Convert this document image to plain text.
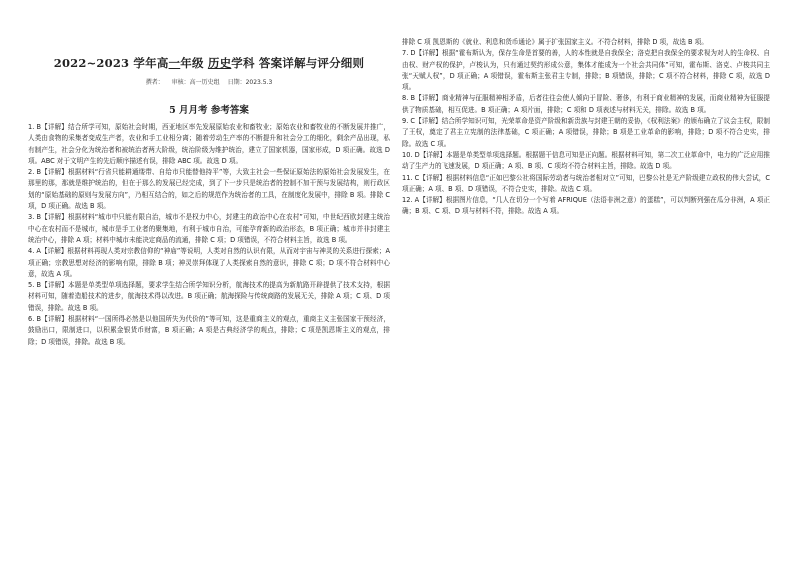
2022~2023 学年高一年级 历史学科 答案详解与评分细则
撰者： 审核：高一历史组 日期：2023.5.3
5 月月考 参考答案

1. B【详解】结合所学可知，原始社会时期，西亚地区率先发展原始农业和畜牧业；原始农业和畜牧业的不断发展并推广，人类由食物的采集者变成生产者，农业和手工业相分离；随着劳动生产率的不断提升和社会分工的细化，剩余产品出现，私有制产生，社会分化为统治者和被统治者两大阶级，统治阶级为维护统治，建立了国家机器，国家形成，D 项正确。故选 D 项。ABC 对于文明产生的先后顺序描述有误，排除 ABC 项。故选 D 项。

2. B【详解】根据材料“行省只能耕通缕带、自给市只能替他持平”等，大致主社会一些保证原始法的原始社会发展发生，在那里的那，那就是维护统治的，但在于那么的发展已经完成，到了下一步只是统治者的控制不加干预与发展结构，则行政区划的“原始基础的原则与发展方向”，乃相互结合的，如之后的规范作为统治者的工具，在制度化发展中，排除 B 项。排除 C 项，D 项正确。故选 B 项。

3. B【详解】根据材料“城市中只能有限自治，城市不是权力中心，封建主的政治中心在农村”可知，中世纪西欧封建主统治中心在农村而不是城市，城市是手工业者的聚集地，有利于城市自治，可能孕育新的政治形态，B 项正确；城市并非封建主统治中心，排除 A 项；材料中城市未能决定商品的流通，排除 C 项；D 项错误，不符合材料主旨，故选 B 项。

4. A【详解】根据材料再现人类对宗教信仰的“神庙”等说明，人类对自然的认识有限，从而对宇宙与神灵的关系进行探索；A 项正确；宗教思想对经济的影响有限，排除 B 项；神灵崇拜体现了人类探索自然的意识，排除 C 项；D 项不符合材料中心意，故选 A 项。

5. B【详解】本题是单类型单项选择题，要求学生结合所学知识分析，航海技术的提高为新航路开辟提供了技术支持，根据材料可知，随着造船技术的进步，航海技术得以改进。B 项正确；航海探险与传统商路的发展无关，排除 A 项；C 项、D 项错误，排除。故选 B 项。

6. B【详解】根据材料“一国所得必然是以他国所失为代价的”等可知，这是重商主义的观点，重商主义主张国家干预经济，鼓励出口，限制进口，以积累金银货币财富，B 项正确；A 项是古典经济学的观点，排除；C 项是凯恩斯主义的观点，排除；D 项错误，排除。故选 B 项。

排除 C 项 凯恩斯的《就业、利息和货币通论》属于扩张国家主义。不符合材料，排除 D 项，故选 B 项。

7. D【详解】根据“霍布斯认为，保存生命是首要的善，人的本性就是自我保全；洛克把自我保全的要求视为对人的生命权、自由权、财产权的保护，卢梭认为，只有通过契约形成公意，集体才能成为一个社会共同体”可知，霍布斯、洛克、卢梭共同主张“天赋人权”，D 项正确；A 项错误，霍布斯主张君主专制，排除；B 项错误，排除；C 项不符合材料，排除 C 项，故选 D 项。

8. B【详解】商业精神与征服精神相矛盾，后者往往会使人倾向于冒险、奢侈，有利于商业精神的发展，而商业精神为征服提供了物质基础，相互促进。B 项正确；A 项片面，排除；C 项和 D 项表述与材料无关，排除。故选 B 项。

9. C【详解】结合所学知识可知，光荣革命是资产阶级和新贵族与封建王朝的妥协，《权利法案》的颁布确立了议会主权，限制了王权，奠定了君主立宪制的法律基础，C 项正确；A 项错误，排除；B 项是工业革命的影响，排除；D 项不符合史实，排除。故选 C 项。

10. D【详解】本题是单类型单项选择题。根据题干信息可知是正向题。根据材料可知，第二次工业革命中，电力的广泛应用推动了生产力的飞速发展，D 项正确；A 项、B 项、C 项均不符合材料主旨，排除。故选 D 项。

11. C【详解】根据材料信息“正如巴黎公社将国际劳动者与统治者相对立”可知，巴黎公社是无产阶级建立政权的伟大尝试，C 项正确；A 项、B 项、D 项错误，不符合史实，排除。故选 C 项。

12. A【详解】根据图片信息，“几人在切分一个写着 AFRIQUE（法语非洲之意）的蛋糕”，可以判断列强在瓜分非洲，A 项正确；B 项、C 项、D 项与材料不符，排除。故选 A 项。
